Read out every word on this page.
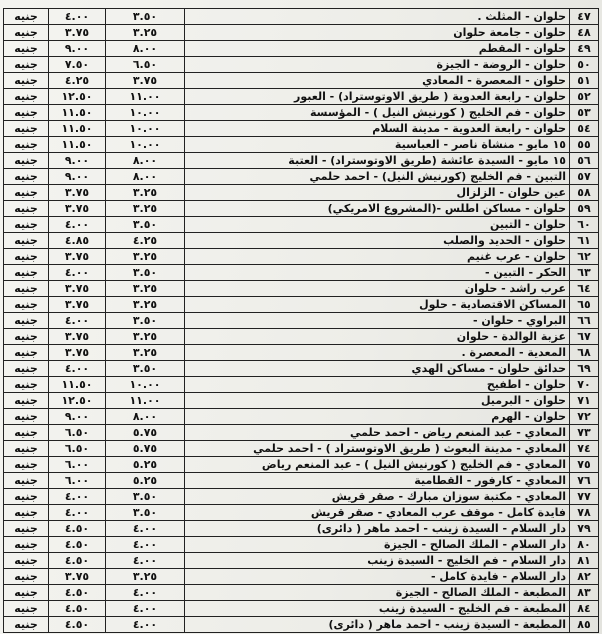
٤٧	حلوان - المثلث .	٣.٥٠	٤.٠٠	جنيه
٤٨	حلوان - جامعة حلوان	٣.٢٥	٣.٧٥	جنيه
٤٩	حلوان - المقطم	٨.٠٠	٩.٠٠	جنيه
٥٠	حلوان - الروضة - الجيزة	٦.٥٠	٧.٥٠	جنيه
٥١	حلوان - المعصرة - المعادي	٣.٧٥	٤.٢٥	جنيه
٥٢	حلوان - رابعة العدوية ( طريق الاوتوستراد) - العبور	١١.٠٠	١٢.٥٠	جنيه
٥٣	حلوان - فم الخليج ( كورنيش النيل ) - المؤسسة	١٠.٠٠	١١.٥٠	جنيه
٥٤	حلوان - رابعة العدوية - مدينة السلام	١٠.٠٠	١١.٥٠	جنيه
٥٥	١٥ مايو - منشاة ناصر - العباسية	١٠.٠٠	١١.٥٠	جنيه
٥٦	١٥ مايو - السيدة عائشة (طريق الاوتوستراد) - العتبة	٨.٠٠	٩.٠٠	جنيه
٥٧	التبين - فم الخليج (كورنيش النيل) - احمد حلمي	٨.٠٠	٩.٠٠	جنيه
٥٨	عين حلوان - الزلزال	٣.٢٥	٣.٧٥	جنيه
٥٩	حلوان - مساكن اطلس -(المشروع الامريكي)	٣.٢٥	٣.٧٥	جنيه
٦٠	حلوان - التبين	٣.٥٠	٤.٠٠	جنيه
٦١	حلوان - الحديد والصلب	٤.٢٥	٤.٨٥	جنيه
٦٢	حلوان - عرب غنيم	٣.٢٥	٣.٧٥	جنيه
٦٣	الحكر - التبين -	٣.٥٠	٤.٠٠	جنيه
٦٤	عرب راشد - حلوان	٣.٢٥	٣.٧٥	جنيه
٦٥	المساكن الاقتصادية - حلول	٣.٢٥	٣.٧٥	جنيه
٦٦	البراوي - حلوان -	٣.٥٠	٤.٠٠	جنيه
٦٧	عزبة الوالدة - حلوان	٣.٢٥	٣.٧٥	جنيه
٦٨	المعدية - المعصرة .	٣.٢٥	٣.٧٥	جنيه
٦٩	حدائق حلوان - مساكن الهدي	٣.٥٠	٤.٠٠	جنيه
٧٠	حلوان - اطفيح	١٠.٠٠	١١.٥٠	جنيه
٧١	حلوان - البرميل	١١.٠٠	١٢.٥٠	جنيه
٧٢	حلوان - الهرم	٨.٠٠	٩.٠٠	جنيه
٧٣	المعادي - عبد المنعم رياض - احمد حلمي	٥.٧٥	٦.٥٠	جنيه
٧٤	المعادي - مدينة البعوث ( طريق الاوتوستراد ) - احمد حلمي	٥.٧٥	٦.٥٠	جنيه
٧٥	المعادي - فم الخليج ( كورنيش النيل ) - عبد المنعم رياض	٥.٢٥	٦.٠٠	جنيه
٧٦	المعادي - كارفور - القطامية	٥.٢٥	٦.٠٠	جنيه
٧٧	المعادي - مكتبة سوزان مبارك - صقر قريش	٣.٥٠	٤.٠٠	جنيه
٧٨	فايدة كامل - موقف عرب المعادي - صقر قريش	٣.٥٠	٤.٠٠	جنيه
٧٩	دار السلام - السيدة زينب - احمد ماهر ( دائرى)	٤.٠٠	٤.٥٠	جنيه
٨٠	دار السلام - الملك الصالح - الجيزة	٤.٠٠	٤.٥٠	جنيه
٨١	دار السلام - فم الخليج - السيدة زينب	٤.٠٠	٤.٥٠	جنيه
٨٢	دار السلام - فايدة كامل -	٣.٢٥	٣.٧٥	جنيه
٨٣	المطبعة - الملك الصالح - الجيزة	٤.٠٠	٤.٥٠	جنيه
٨٤	المطبعة - فم الخليج - السيدة زينب	٤.٠٠	٤.٥٠	جنيه
٨٥	المطبعة - السيدة زينب - احمد ماهر ( دائرى)	٤.٠٠	٤.٥٠	جنيه
